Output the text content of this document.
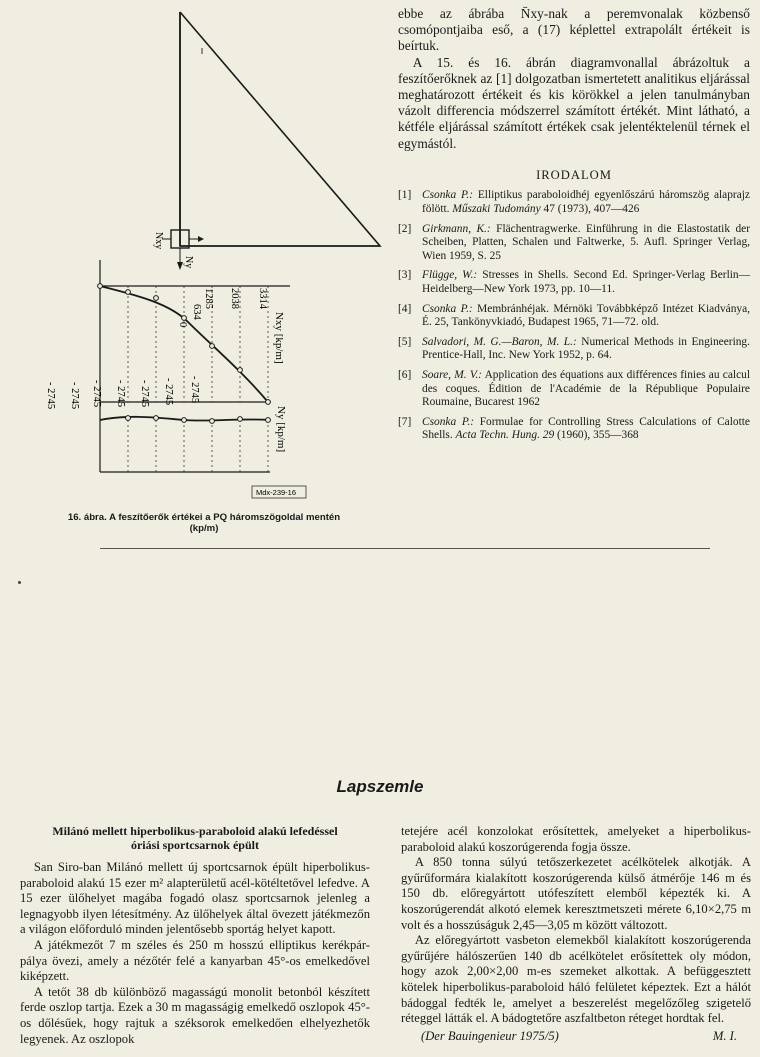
Nxy
Ny
3314
2038
1285
634
0	Nxy [kp/m]
- 2745
- 2745
- 2745
- 2745
- 2745
- 2745
- 2745
Ny [kp/m]
Mdx-239-16
16. ábra. A feszítőerők értékei a PQ háromszögoldal mentén
(kp/m)

ebbe az ábrába N̄xy-nak a peremvonalak közbenső csomópontjaiba eső, a (17) képlettel extrapolált értékeit is beírtuk.

A 15. és 16. ábrán diagramvonallal ábrázoltuk a feszítőerőknek az [1] dolgozatban ismertetett analitikus eljárással meghatározott értékeit és kis körökkel a jelen tanulmányban vázolt differencia módszerrel számított értékét. Mint látható, a kétféle eljárással számított értékek csak jelentéktelenül térnek el egymástól.

IRODALOM
[1] Csonka P.: Elliptikus paraboloidhéj egyenlőszárú háromszög alaprajz fölött. Műszaki Tudomány 47 (1973), 407—426
[2] Girkmann, K.: Flächentragwerke. Einführung in die Elastostatik der Scheiben, Platten, Schalen und Faltwerke, 5. Aufl. Springer Verlag, Wien 1959, S. 25
[3] Flügge, W.: Stresses in Shells. Second Ed. Springer-Verlag Berlin—Heidelberg—New York 1973, pp. 10—11.
[4] Csonka P.: Membránhéjak. Mérnöki Továbbképző Intézet Kiadványa, É. 25, Tankönyvkiadó, Budapest 1965, 71—72. old.
[5] Salvadori, M. G.—Baron, M. L.: Numerical Methods in Engineering. Prentice-Hall, Inc. New York 1952, p. 64.
[6] Soare, M. V.: Application des équations aux différences finies au calcul des coques. Édition de l'Académie de la République Populaire Roumaine, Bucarest 1962
[7] Csonka P.: Formulae for Controlling Stress Calculations of Calotte Shells. Acta Techn. Hung. 29 (1960), 355—368
Lapszemle
Milánó mellett hiperbolikus-paraboloid alakú lefedéssel
óriási sportcsarnok épült

San Siro-ban Milánó mellett új sportcsarnok épült hiperbolikus-paraboloid alakú 15 ezer m² alapterületű acél-kötéltetővel lefedve. A 15 ezer ülőhelyet magába fogadó olasz sportcsarnok jelenleg a legnagyobb ilyen létesítmény. Az ülőhelyek által övezett játékmezőn a világon előforduló minden jelentősebb sportág helyet kapott.

A játékmezőt 7 m széles és 250 m hosszú elliptikus kerékpár-pálya övezi, amely a nézőtér felé a kanyarban 45°-os emelkedővel kiképzett.

A tetőt 38 db különböző magasságú monolit betonból készített ferde oszlop tartja. Ezek a 30 m magasságig emelkedő oszlopok 45°-os dőlésűek, hogy rajtuk a széksorok emelkedően elhelyezhetők legyenek. Az oszlopok

tetejére acél konzolokat erősítettek, amelyeket a hiperbolikus-paraboloid alakú koszorúgerenda fogja össze.

A 850 tonna súlyú tetőszerkezetet acélkötelek alkotják. A gyűrűformára kialakított koszorúgerenda külső átmérője 146 m és 150 db. előregyártott utófeszített elemből képezték ki. A koszorúgerendát alkotó elemek keresztmetszeti mérete 6,10×2,75 m volt és a hosszúságuk 2,45—3,05 m között változott.

Az előregyártott vasbeton elemekből kialakított koszorúgerenda gyűrűjére hálószerűen 140 db acélkötelet erősítettek oly módon, hogy azok 2,00×2,00 m-es szemeket alkottak. A befüggesztett kötelek hiperbolikus-paraboloid háló felületet képeztek. Ezt a hálót bádoggal fedték le, amelyet a beszerelést megelőzőleg szigetelő réteggel látták el. A bádogtetőre aszfaltbeton réteget hordtak fel.

(Der Bauingenieur 1975/5)	M. I.
